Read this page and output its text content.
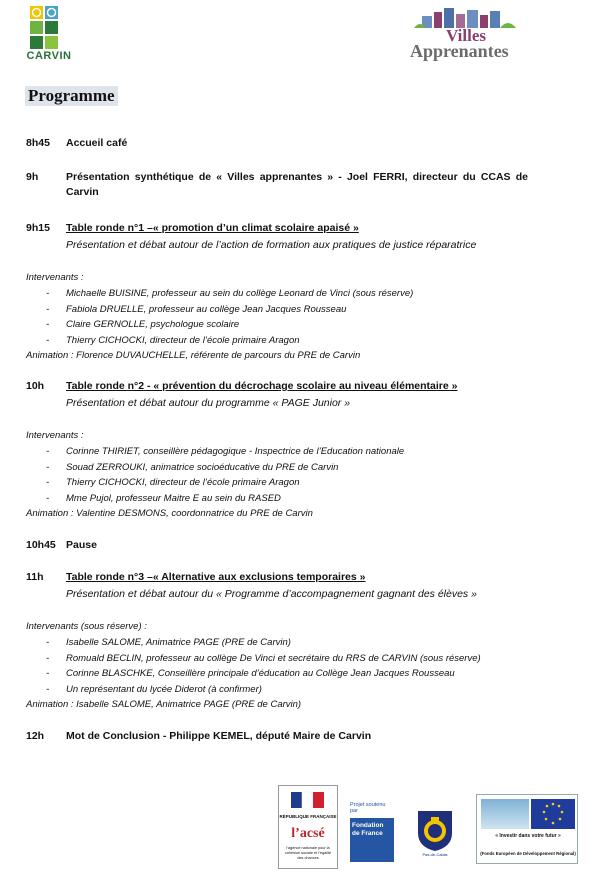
CARVIN
Villes
Apprenantes
Programme
8h45 Accueil café
9h	Présentation synthétique de « Villes apprenantes » - Joel FERRI, directeur du CCAS de Carvin
9h15 Table ronde n°1 –« promotion d’un climat scolaire apaisé »
Présentation et débat autour de l’action de formation aux pratiques de justice réparatrice
Intervenants :
- Michaelle BUISINE, professeur au sein du collège Leonard de Vinci (sous réserve)
- Fabiola DRUELLE, professeur au collège Jean Jacques Rousseau
- Claire GERNOLLE, psychologue scolaire
- Thierry CICHOCKI, directeur de l’école primaire Aragon
Animation : Florence DUVAUCHELLE, référente de parcours du PRE de Carvin
10h Table ronde n°2 - « prévention du décrochage scolaire au niveau élémentaire »
Présentation et débat autour du programme « PAGE Junior »
Intervenants :
- Corinne THIRIET, conseillère pédagogique - Inspectrice de l’Education nationale
- Souad ZERROUKI, animatrice socioéducative du PRE de Carvin
- Thierry CICHOCKI, directeur de l’école primaire Aragon
- Mme Pujol, professeur Maitre E au sein du RASED
Animation : Valentine DESMONS, coordonnatrice du PRE de Carvin
10h45 Pause
11h Table ronde n°3 –« Alternative aux exclusions temporaires »
Présentation et débat autour du « Programme d’accompagnement gagnant des élèves »
Intervenants (sous réserve) :
- Isabelle SALOME, Animatrice PAGE (PRE de Carvin)
- Romuald BECLIN, professeur au collège De Vinci et secrétaire du RRS de CARVIN (sous réserve)
- Corinne BLASCHKE, Conseillère principale d’éducation au Collège Jean Jacques Rousseau
- Un représentant du lycée Diderot (à confirmer)
Animation : Isabelle SALOME, Animatrice PAGE (PRE de Carvin)
12h Mot de Conclusion - Philippe KEMEL, député Maire de Carvin
RÉPUBLIQUE FRANÇAISE
l’acsé
l’agence nationale pour la cohésion sociale et l’égalité des chances
Projet soutenu par
Fondation de France
Pas-de-Calais
« Investir dans votre futur »
(Fonds Européen de Développement Régional)
